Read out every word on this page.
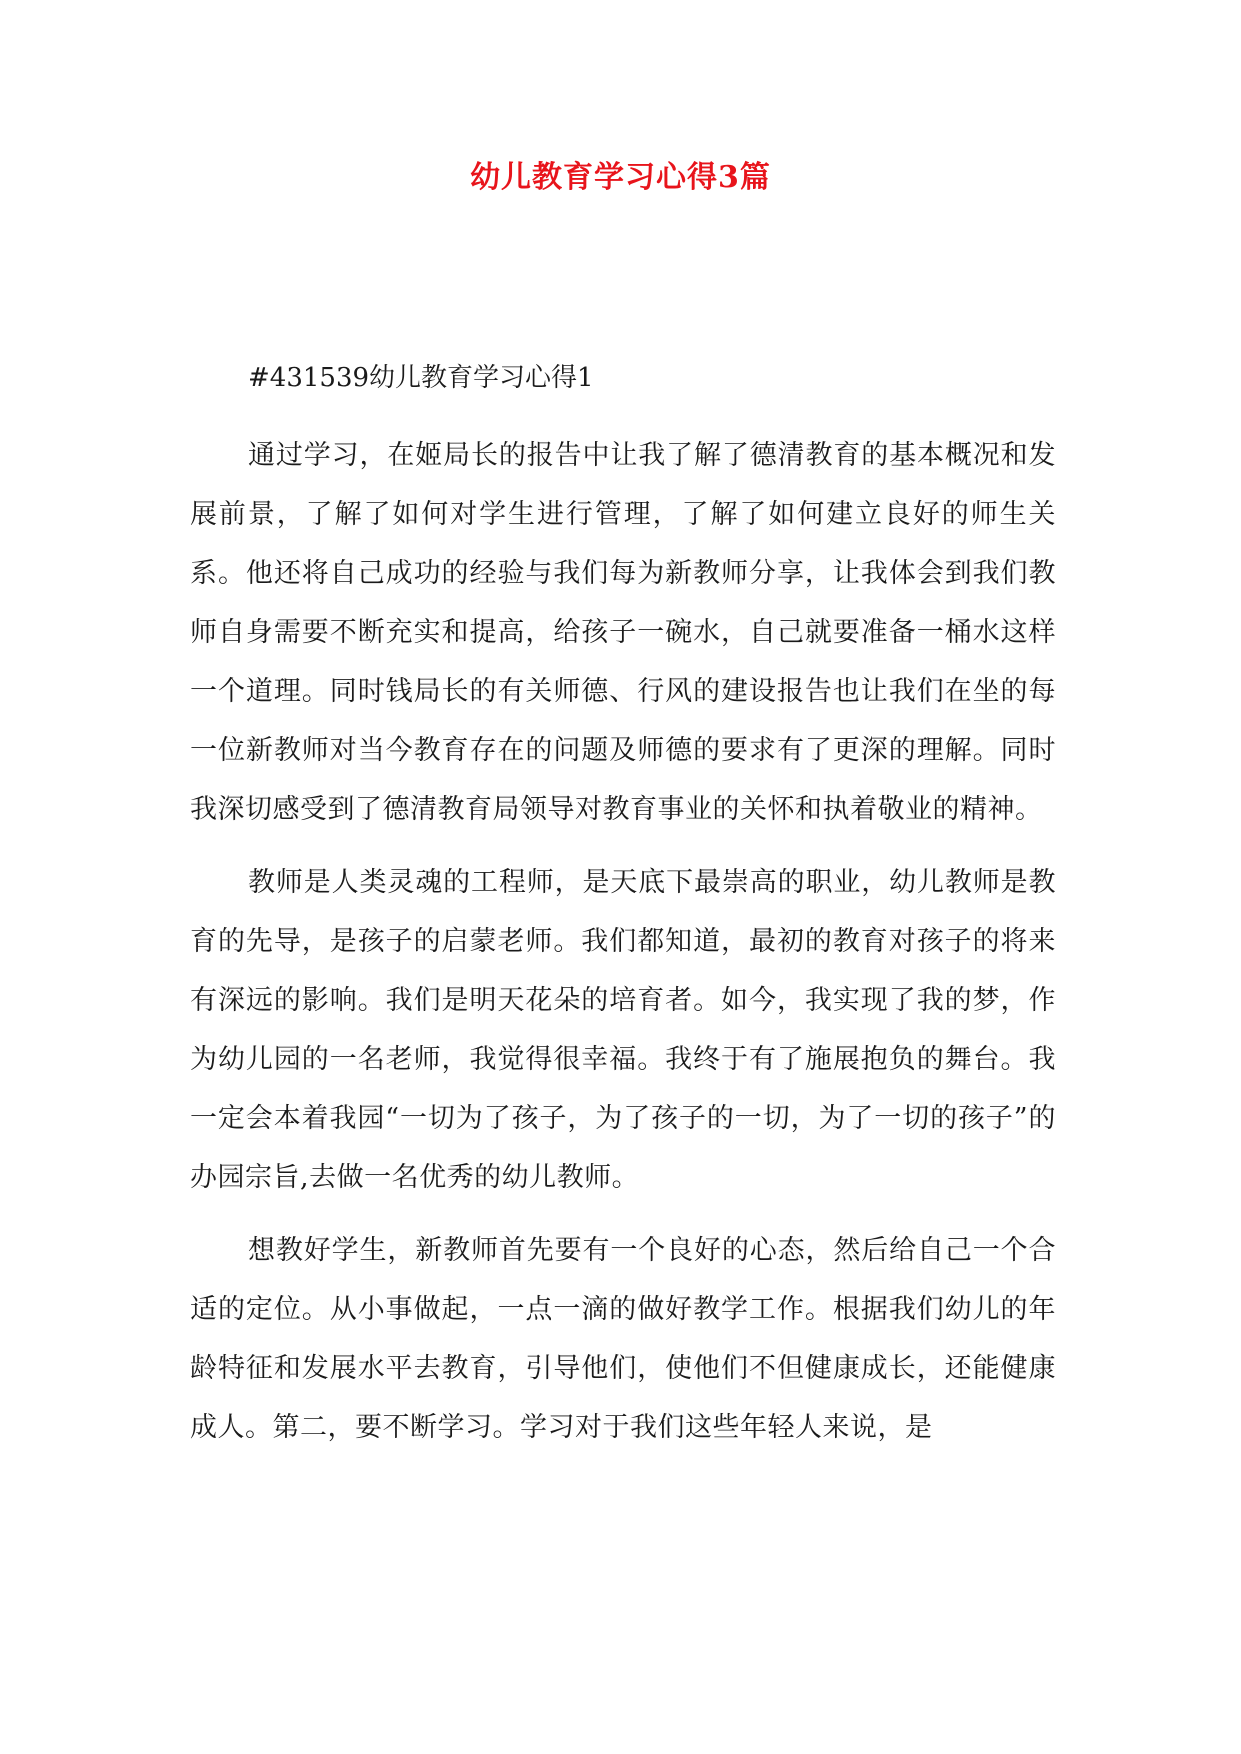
幼儿教育学习心得3篇
#431539幼儿教育学习心得1

通过学习，在姬局长的报告中让我了解了德清教育的基本概况和发展前景，了解了如何对学生进行管理，了解了如何建立良好的师生关系。他还将自己成功的经验与我们每为新教师分享，让我体会到我们教师自身需要不断充实和提高，给孩子一碗水，自己就要准备一桶水这样一个道理。同时钱局长的有关师德、行风的建设报告也让我们在坐的每一位新教师对当今教育存在的问题及师德的要求有了更深的理解。同时我深切感受到了德清教育局领导对教育事业的关怀和执着敬业的精神。

教师是人类灵魂的工程师，是天底下最崇高的职业，幼儿教师是教育的先导，是孩子的启蒙老师。我们都知道，最初的教育对孩子的将来有深远的影响。我们是明天花朵的培育者。如今，我实现了我的梦，作为幼儿园的一名老师，我觉得很幸福。我终于有了施展抱负的舞台。我一定会本着我园“一切为了孩子，为了孩子的一切，为了一切的孩子”的办园宗旨,去做一名优秀的幼儿教师。

想教好学生，新教师首先要有一个良好的心态，然后给自己一个合适的定位。从小事做起，一点一滴的做好教学工作。根据我们幼儿的年龄特征和发展水平去教育，引导他们，使他们不但健康成长，还能健康成人。第二，要不断学习。学习对于我们这些年轻人来说，是
